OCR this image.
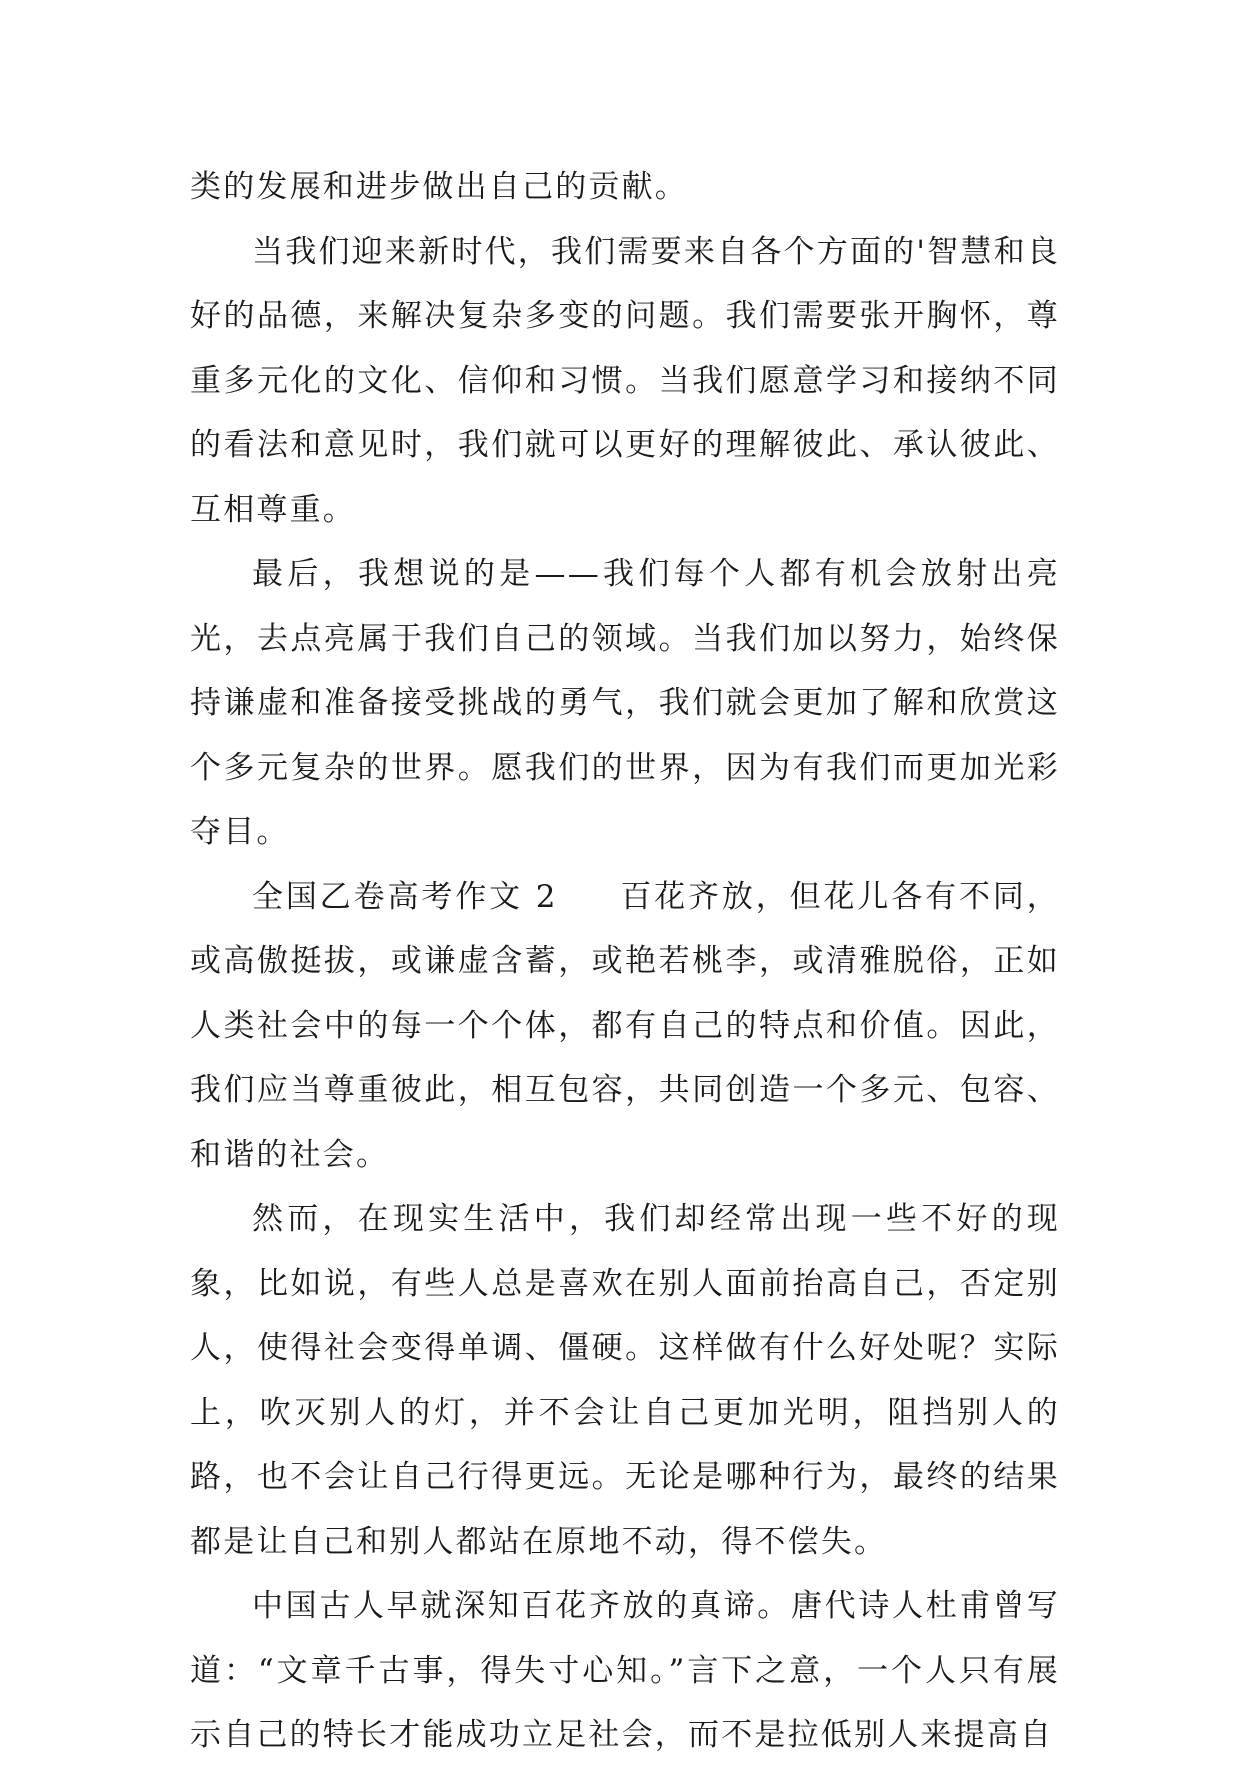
类的发展和进步做出自己的贡献。

当我们迎来新时代，我们需要来自各个方面的'智慧和良好的品德，来解决复杂多变的问题。我们需要张开胸怀，尊重多元化的文化、信仰和习惯。当我们愿意学习和接纳不同的看法和意见时，我们就可以更好的理解彼此、承认彼此、互相尊重。

最后，我想说的是——我们每个人都有机会放射出亮光，去点亮属于我们自己的领域。当我们加以努力，始终保持谦虚和准备接受挑战的勇气，我们就会更加了解和欣赏这个多元复杂的世界。愿我们的世界，因为有我们而更加光彩夺目。

全国乙卷高考作文 2 百花齐放，但花儿各有不同，或高傲挺拔，或谦虚含蓄，或艳若桃李，或清雅脱俗，正如人类社会中的每一个个体，都有自己的特点和价值。因此，我们应当尊重彼此，相互包容，共同创造一个多元、包容、和谐的社会。

然而，在现实生活中，我们却经常出现一些不好的现象，比如说，有些人总是喜欢在别人面前抬高自己，否定别人，使得社会变得单调、僵硬。这样做有什么好处呢？实际上，吹灭别人的灯，并不会让自己更加光明，阻挡别人的路，也不会让自己行得更远。无论是哪种行为，最终的结果都是让自己和别人都站在原地不动，得不偿失。

中国古人早就深知百花齐放的真谛。唐代诗人杜甫曾写道：“文章千古事，得失寸心知。”言下之意，一个人只有展示自己的特长才能成功立足社会，而不是拉低别人来提高自
